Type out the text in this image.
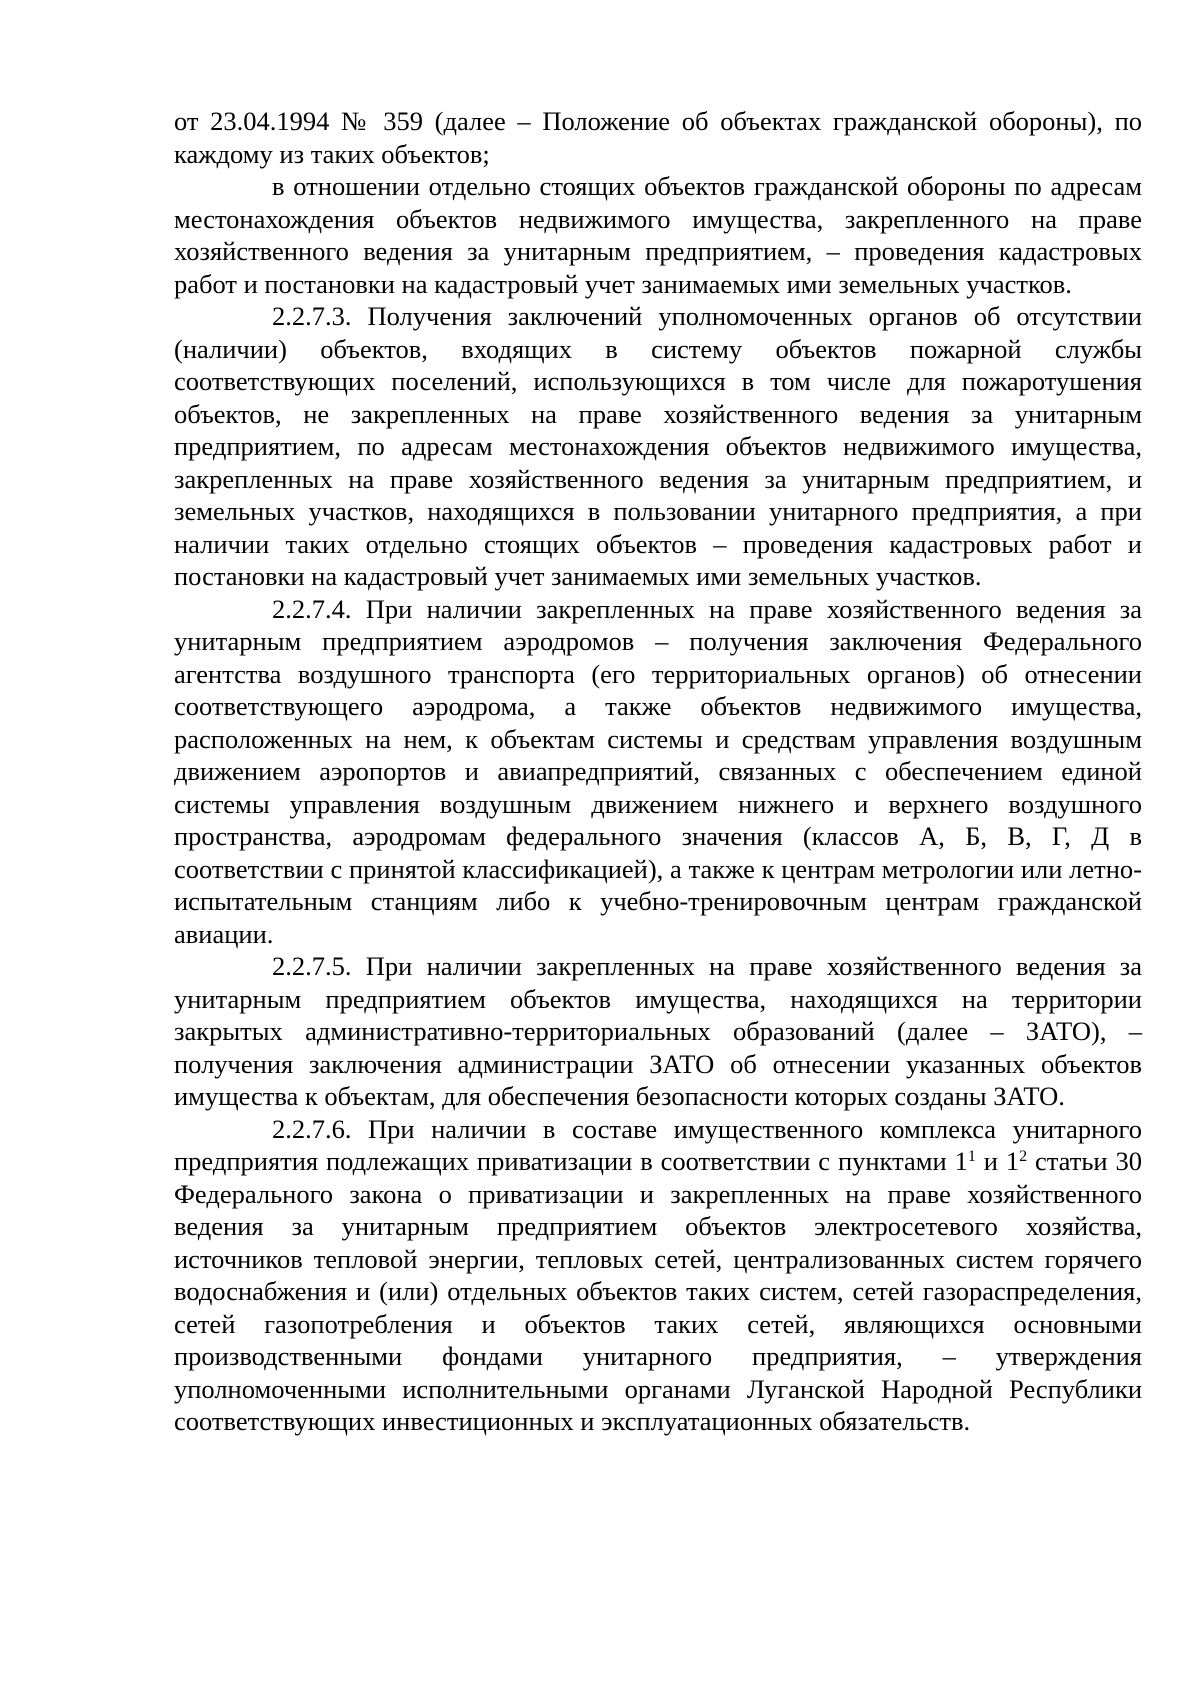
от 23.04.1994 № 359 (далее – Положение об объектах гражданской обороны), по каждому из таких объектов;

в отношении отдельно стоящих объектов гражданской обороны по адресам местонахождения объектов недвижимого имущества, закрепленного на праве хозяйственного ведения за унитарным предприятием, – проведения кадастровых работ и постановки на кадастровый учет занимаемых ими земельных участков.

2.2.7.3. Получения заключений уполномоченных органов об отсутствии (наличии) объектов, входящих в систему объектов пожарной службы соответствующих поселений, использующихся в том числе для пожаротушения объектов, не закрепленных на праве хозяйственного ведения за унитарным предприятием, по адресам местонахождения объектов недвижимого имущества, закрепленных на праве хозяйственного ведения за унитарным предприятием, и земельных участков, находящихся в пользовании унитарного предприятия, а при наличии таких отдельно стоящих объектов – проведения кадастровых работ и постановки на кадастровый учет занимаемых ими земельных участков.

2.2.7.4. При наличии закрепленных на праве хозяйственного ведения за унитарным предприятием аэродромов – получения заключения Федерального агентства воздушного транспорта (его территориальных органов) об отнесении соответствующего аэродрома, а также объектов недвижимого имущества, расположенных на нем, к объектам системы и средствам управления воздушным движением аэропортов и авиапредприятий, связанных с обеспечением единой системы управления воздушным движением нижнего и верхнего воздушного пространства, аэродромам федерального значения (классов А, Б, В, Г, Д в соответствии с принятой классификацией), а также к центрам метрологии или летно-испытательным станциям либо к учебно-тренировочным центрам гражданской авиации.

2.2.7.5. При наличии закрепленных на праве хозяйственного ведения за унитарным предприятием объектов имущества, находящихся на территории закрытых административно-территориальных образований (далее – ЗАТО), – получения заключения администрации ЗАТО об отнесении указанных объектов имущества к объектам, для обеспечения безопасности которых созданы ЗАТО.

2.2.7.6. При наличии в составе имущественного комплекса унитарного предприятия подлежащих приватизации в соответствии с пунктами $1^1$ и $1^2$ статьи 30 Федерального закона о приватизации и закрепленных на праве хозяйственного ведения за унитарным предприятием объектов электросетевого хозяйства, источников тепловой энергии, тепловых сетей, централизованных систем горячего водоснабжения и (или) отдельных объектов таких систем, сетей газораспределения, сетей газопотребления и объектов таких сетей, являющихся основными производственными фондами унитарного предприятия, – утверждения уполномоченными исполнительными органами Луганской Народной Республики соответствующих инвестиционных и эксплуатационных обязательств.
